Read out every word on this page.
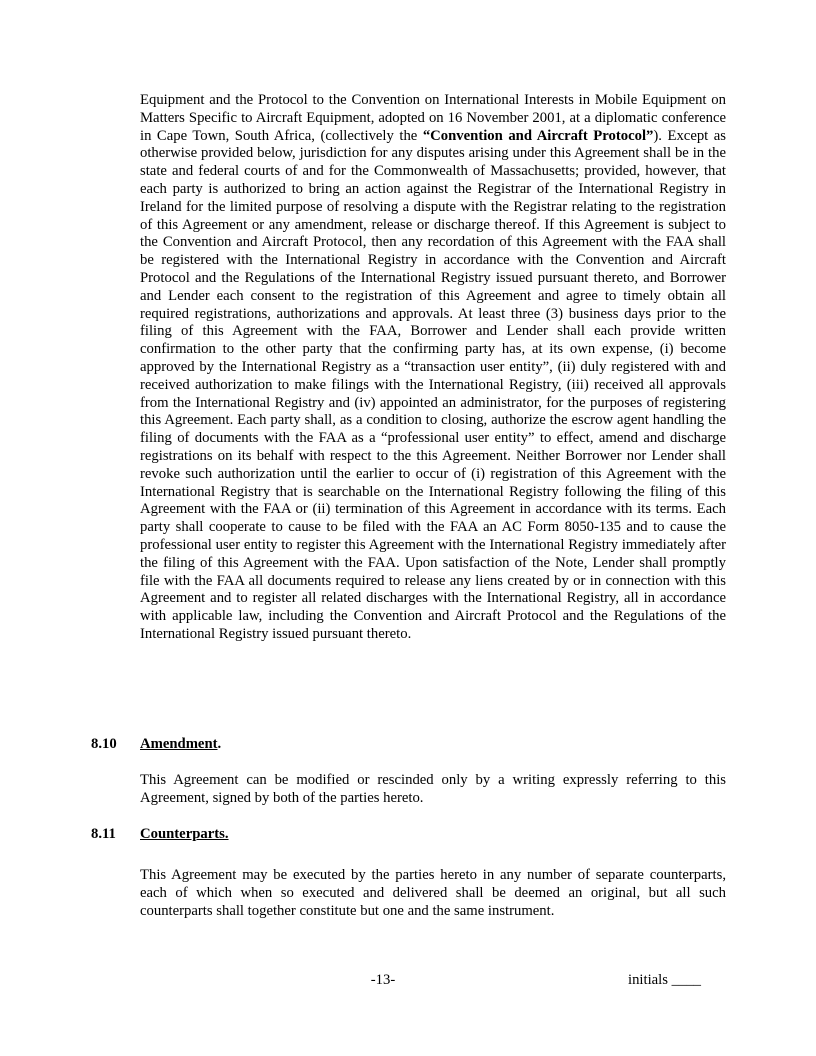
Equipment and the Protocol to the Convention on International Interests in Mobile Equipment on Matters Specific to Aircraft Equipment, adopted on 16 November 2001, at a diplomatic conference in Cape Town, South Africa, (collectively the “Convention and Aircraft Protocol”). Except as otherwise provided below, jurisdiction for any disputes arising under this Agreement shall be in the state and federal courts of and for the Commonwealth of Massachusetts; provided, however, that each party is authorized to bring an action against the Registrar of the International Registry in Ireland for the limited purpose of resolving a dispute with the Registrar relating to the registration of this Agreement or any amendment, release or discharge thereof. If this Agreement is subject to the Convention and Aircraft Protocol, then any recordation of this Agreement with the FAA shall be registered with the International Registry in accordance with the Convention and Aircraft Protocol and the Regulations of the International Registry issued pursuant thereto, and Borrower and Lender each consent to the registration of this Agreement and agree to timely obtain all required registrations, authorizations and approvals. At least three (3) business days prior to the filing of this Agreement with the FAA, Borrower and Lender shall each provide written confirmation to the other party that the confirming party has, at its own expense, (i) become approved by the International Registry as a “transaction user entity”, (ii) duly registered with and received authorization to make filings with the International Registry, (iii) received all approvals from the International Registry and (iv) appointed an administrator, for the purposes of registering this Agreement. Each party shall, as a condition to closing, authorize the escrow agent handling the filing of documents with the FAA as a “professional user entity” to effect, amend and discharge registrations on its behalf with respect to the this Agreement. Neither Borrower nor Lender shall revoke such authorization until the earlier to occur of (i) registration of this Agreement with the International Registry that is searchable on the International Registry following the filing of this Agreement with the FAA or (ii) termination of this Agreement in accordance with its terms. Each party shall cooperate to cause to be filed with the FAA an AC Form 8050-135 and to cause the professional user entity to register this Agreement with the International Registry immediately after the filing of this Agreement with the FAA. Upon satisfaction of the Note, Lender shall promptly file with the FAA all documents required to release any liens created by or in connection with this Agreement and to register all related discharges with the International Registry, all in accordance with applicable law, including the Convention and Aircraft Protocol and the Regulations of the International Registry issued pursuant thereto.

8.10 Amendment.

This Agreement can be modified or rescinded only by a writing expressly referring to this Agreement, signed by both of the parties hereto.

8.11 Counterparts.

This Agreement may be executed by the parties hereto in any number of separate counterparts, each of which when so executed and delivered shall be deemed an original, but all such counterparts shall together constitute but one and the same instrument.

-13-	initials ____
